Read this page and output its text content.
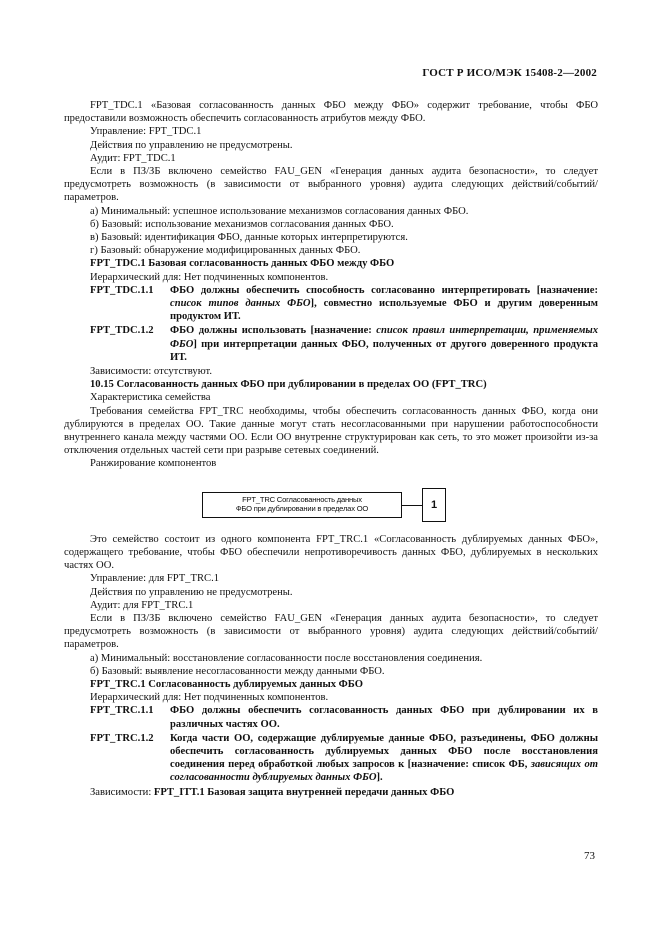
ГОСТ Р ИСО/МЭК 15408-2—2002

FPT_TDC.1 «Базовая согласованность данных ФБО между ФБО» содержит требование, чтобы ФБО предоставили возможность обеспечить согласованность атрибутов между ФБО.

Управление: FPT_TDC.1

Действия по управлению не предусмотрены.

Аудит: FPT_TDC.1

Если в ПЗ/ЗБ включено семейство FAU_GEN «Генерация данных аудита безопасности», то следует предусмотреть возможность (в зависимости от выбранного уровня) аудита следующих действий/событий/параметров.

а) Минимальный: успешное использование механизмов согласования данных ФБО.

б) Базовый: использование механизмов согласования данных ФБО.

в) Базовый: идентификация ФБО, данные которых интерпретируются.

г) Базовый: обнаружение модифицированных данных ФБО.

FPT_TDC.1 Базовая согласованность данных ФБО между ФБО

Иерархический для: Нет подчиненных компонентов.

FPT_TDC.1.1 ФБО должны обеспечить способность согласованно интерпретировать [назначение: список типов данных ФБО], совместно используемые ФБО и другим доверенным продуктом ИТ.

FPT_TDC.1.2 ФБО должны использовать [назначение: список правил интерпретации, применяемых ФБО] при интерпретации данных ФБО, полученных от другого доверенного продукта ИТ.

Зависимости: отсутствуют.

10.15 Согласованность данных ФБО при дублировании в пределах ОО (FPT_TRC)

Характеристика семейства

Требования семейства FPT_TRC необходимы, чтобы обеспечить согласованность данных ФБО, когда они дублируются в пределах ОО. Такие данные могут стать несогласованными при нарушении работоспособности внутреннего канала между частями ОО. Если ОО внутренне структурирован как сеть, то это может произойти из-за отключения отдельных частей сети при разрыве сетевых соединений.

Ранжирование компонентов

FPT_TRC Согласованность данных
ФБО при дублировании в пределах ОО	1

Это семейство состоит из одного компонента FPT_TRC.1 «Согласованность дублируемых данных ФБО», содержащего требование, чтобы ФБО обеспечили непротиворечивость данных ФБО, дублируемых в нескольких частях ОО.

Управление: для FPT_TRC.1

Действия по управлению не предусмотрены.

Аудит: для FPT_TRC.1

Если в ПЗ/ЗБ включено семейство FAU_GEN «Генерация данных аудита безопасности», то следует предусмотреть возможность (в зависимости от выбранного уровня) аудита следующих действий/событий/параметров.

а) Минимальный: восстановление согласованности после восстановления соединения.

б) Базовый: выявление несогласованности между данными ФБО.

FPT_TRC.1 Согласованность дублируемых данных ФБО

Иерархический для: Нет подчиненных компонентов.

FPT_TRC.1.1 ФБО должны обеспечить согласованность данных ФБО при дублировании их в различных частях ОО.

FPT_TRC.1.2 Когда части ОО, содержащие дублируемые данные ФБО, разъединены, ФБО должны обеспечить согласованность дублируемых данных ФБО после восстановления соединения перед обработкой любых запросов к [назначение: список ФБ, зависящих от согласованности дублируемых данных ФБО].

Зависимости: FPT_ITT.1 Базовая защита внутренней передачи данных ФБО

73
